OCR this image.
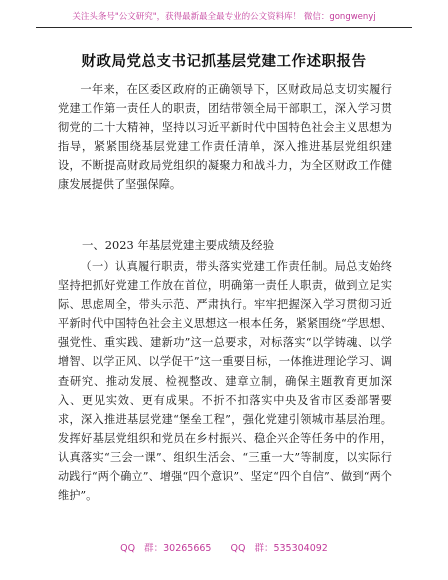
关注头条号"公文研究"，获得最新最全最专业的公文资料库！ 微信：gongwenyj
财政局党总支书记抓基层党建工作述职报告

一年来，在区委区政府的正确领导下，区财政局总支切实履行党建工作第一责任人的职责，团结带领全局干部职工，深入学习贯彻党的二十大精神，坚持以习近平新时代中国特色社会主义思想为指导，紧紧围绕基层党建工作责任清单，深入推进基层党组织建设，不断提高财政局党组织的凝聚力和战斗力，为全区财政工作健康发展提供了坚强保障。

一、2023 年基层党建主要成绩及经验

（一）认真履行职责，带头落实党建工作责任制。局总支始终坚持把抓好党建工作放在首位，明确第一责任人职责，做到立足实际、思虑周全，带头示范、严肃执行。牢牢把握深入学习贯彻习近平新时代中国特色社会主义思想这一根本任务，紧紧围绕“学思想、强党性、重实践、建新功”这一总要求，对标落实“以学铸魂、以学增智、以学正风、以学促干”这一重要目标，一体推进理论学习、调查研究、推动发展、检视整改、建章立制，确保主题教育更加深入、更见实效、更有成果。不折不扣落实中央及省市区委部署要求，深入推进基层党建“堡垒工程”，强化党建引领城市基层治理。发挥好基层党组织和党员在乡村振兴、稳企兴企等任务中的作用，认真落实“三会一课”、组织生活会、“三重一大”等制度，以实际行动践行“两个确立”、增强“四个意识”、坚定“四个自信”、做到“两个维护”。

QQ 群：30265665　　QQ 群：535304092
